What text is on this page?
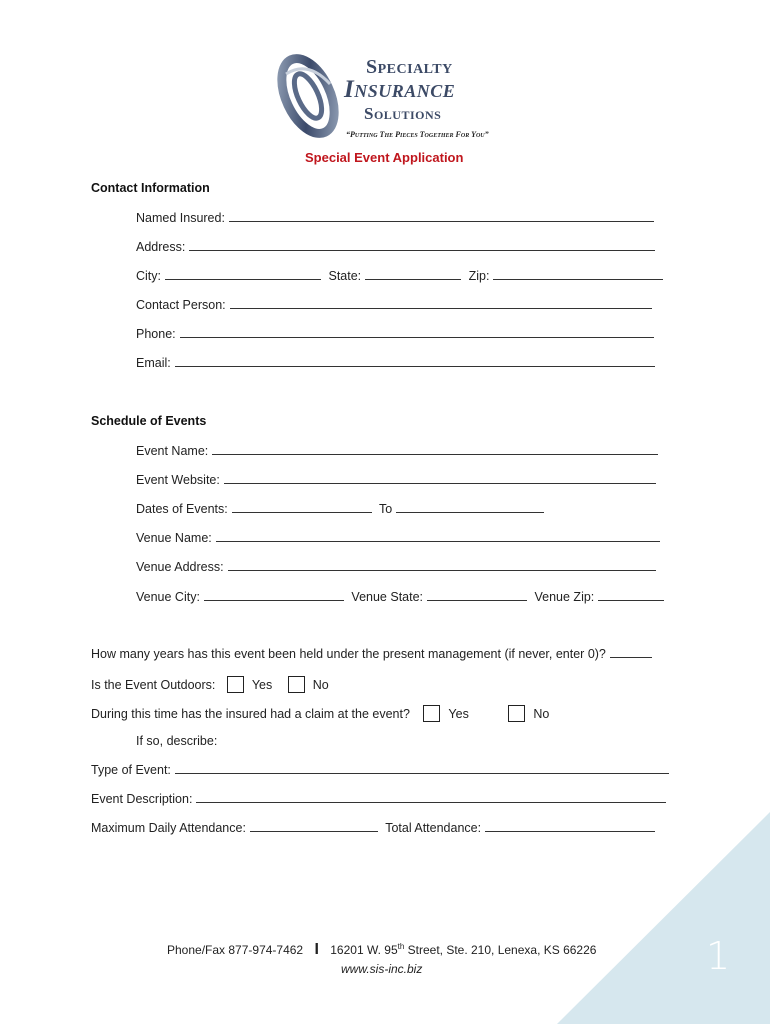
1
Specialty
Insurance
Solutions
“Putting The Pieces Together For You”
Special Event Application
Contact Information
Named Insured:
Address:
City:	State:	Zip:
Contact Person:
Phone:
Email:
Schedule of Events
Event Name:
Event Website:
Dates of Events:	To
Venue Name:
Venue Address:
Venue City:	Venue State:	Venue Zip:
How many years has this event been held under the present management (if never, enter 0)?
Is the Event Outdoors:	Yes	No
During this time has the insured had a claim at the event?	Yes	No
If so, describe:
Type of Event:
Event Description:
Maximum Daily Attendance:	Total Attendance:
Phone/Fax 877-974-7462 I 16201 W. 95th Street, Ste. 210, Lenexa, KS 66226
www.sis-inc.biz
